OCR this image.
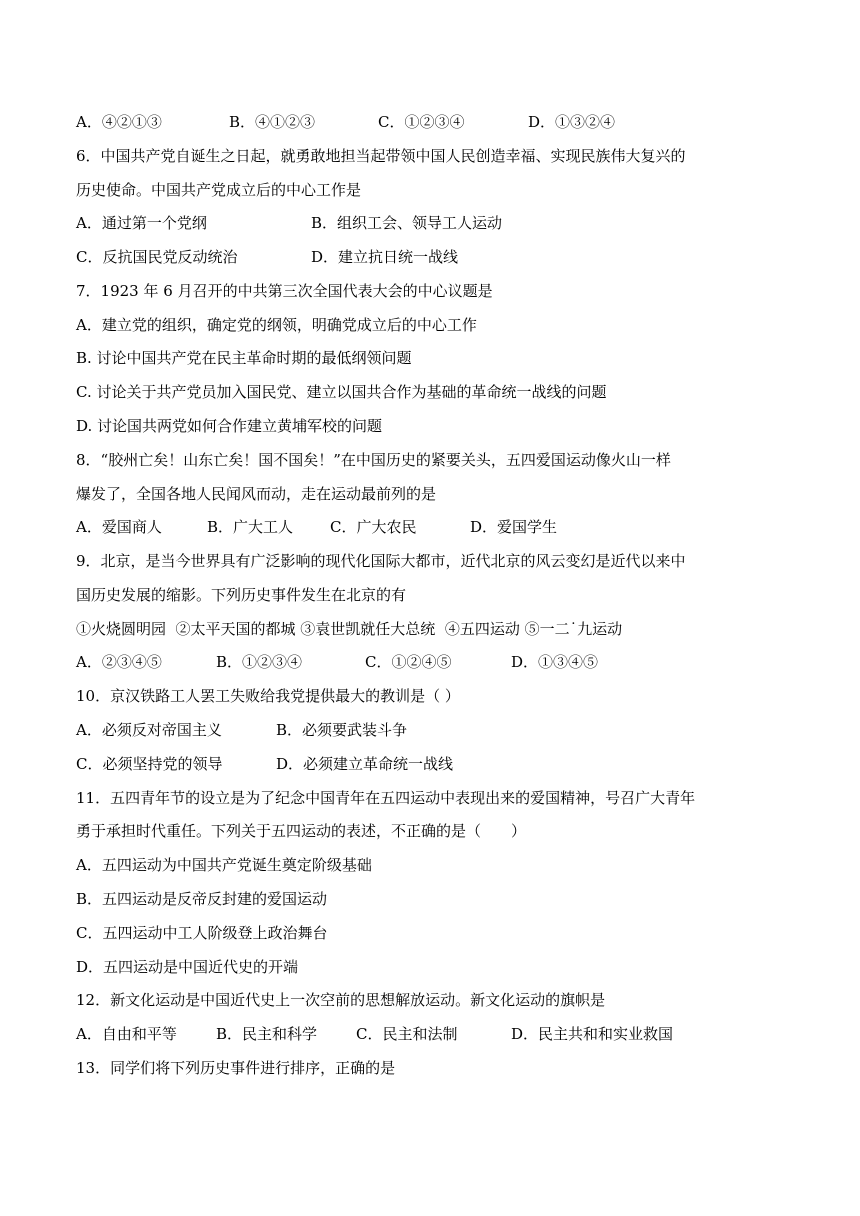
A．④②①③	B．④①②③	C．①②③④	D．①③②④
6．中国共产党自诞生之日起，就勇敢地担当起带领中国人民创造幸福、实现民族伟大复兴的
历史使命。中国共产党成立后的中心工作是
A．通过第一个党纲	B．组织工会、领导工人运动
C．反抗国民党反动统治	D．建立抗日统一战线
7．1923 年 6 月召开的中共第三次全国代表大会的中心议题是
A．建立党的组织，确定党的纲领，明确党成立后的中心工作
B. 讨论中国共产党在民主革命时期的最低纲领问题
C. 讨论关于共产党员加入国民党、建立以国共合作为基础的革命统一战线的问题
D. 讨论国共两党如何合作建立黄埔军校的问题
8．“胶州亡矣！山东亡矣！国不国矣！”在中国历史的紧要关头，五四爱国运动像火山一样
爆发了，全国各地人民闻风而动，走在运动最前列的是
A．爱国商人	B．广大工人 C．广大农民	D．爱国学生
9．北京，是当今世界具有广泛影响的现代化国际大都市，近代北京的风云变幻是近代以来中
国历史发展的缩影。下列历史事件发生在北京的有
①火烧圆明园  ②太平天国的都城 ③袁世凯就任大总统  ④五四运动 ⑤一二˙九运动
A．②③④⑤	B．①②③④	C．①②④⑤	D．①③④⑤
10．京汉铁路工人罢工失败给我党提供最大的教训是（ ）
A．必须反对帝国主义	B．必须要武装斗争
C．必须坚持党的领导	D．必须建立革命统一战线
11．五四青年节的设立是为了纪念中国青年在五四运动中表现出来的爱国精神，号召广大青年
勇于承担时代重任。下列关于五四运动的表述，不正确的是（　　）
A．五四运动为中国共产党诞生奠定阶级基础
B．五四运动是反帝反封建的爱国运动
C．五四运动中工人阶级登上政治舞台
D．五四运动是中国近代史的开端
12．新文化运动是中国近代史上一次空前的思想解放运动。新文化运动的旗帜是
A．自由和平等	B．民主和科学	C．民主和法制	D．民主共和和实业救国
13．同学们将下列历史事件进行排序，正确的是
